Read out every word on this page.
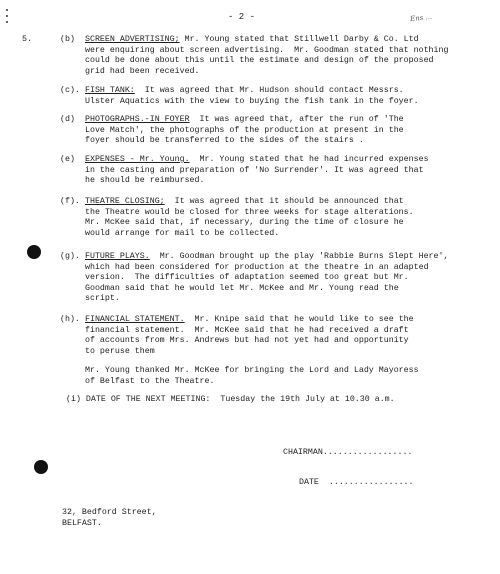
- 2 -	Ens ...
5.	(b) SCREEN ADVERTISING; Mr. Young stated that Stillwell Darby & Co. Ltd
were enquiring about screen advertising.  Mr. Goodman stated that nothing
could be done about this until the estimate and design of the proposed
grid had been received.
(c). FISH TANK:  It was agreed that Mr. Hudson should contact Messrs.
Ulster Aquatics with the view to buying the fish tank in the foyer.
(d) PHOTOGRAPHS.-IN FOYER  It was agreed that, after the run of 'The
Love Match', the photographs of the production at present in the
foyer should be transferred to the sides of the stairs .
(e) EXPENSES - Mr. Young.  Mr. Young stated that he had incurred expenses
in the casting and preparation of 'No Surrender'. It was agreed that
he should be reimbursed.
(f). THEATRE CLOSING;  It was agreed that it should be announced that
the Theatre would be closed for three weeks for stage alterations.
Mr. McKee said that, if necessary, during the time of closure he
would arrange for mail to be collected.
(g). FUTURE PLAYS.  Mr. Goodman brought up the play 'Rabbie Burns Slept Here',
which had been considered for production at the theatre in an adapted
version.  The difficulties of adaptation seemed too great but Mr.
Goodman said that he would let Mr. McKee and Mr. Young read the
script.
(h). FINANCIAL STATEMENT.  Mr. Knipe said that he would like to see the
financial statement.  Mr. McKee said that he had received a draft
of accounts from Mrs. Andrews but had not yet had and opportunity
to peruse them
Mr. Young thanked Mr. McKee for bringing the Lord and Lady Mayoress
of Belfast to the Theatre.
(i) DATE OF THE NEXT MEETING:  Tuesday the 19th July at 10.30 a.m.
CHAIRMAN..................
DATE  .................
32, Bedford Street,
BELFAST.
